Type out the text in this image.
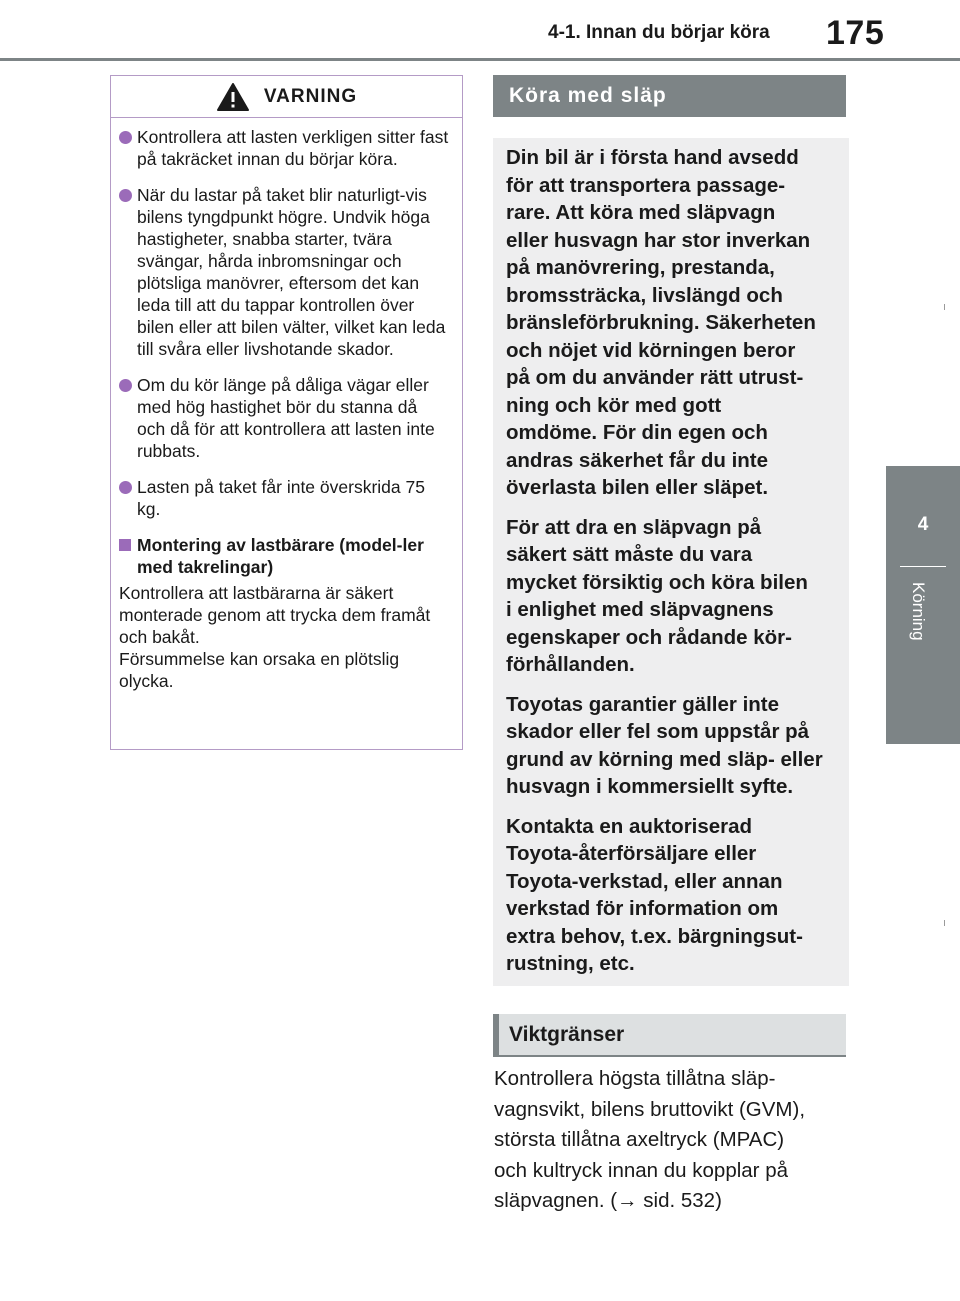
4-1. Innan du börjar köra 175
4
Körning
VARNING
Kontrollera att lasten verkligen sitter fast på takräcket innan du börjar köra.
När du lastar på taket blir naturligt-vis bilens tyngdpunkt högre. Undvik höga hastigheter, snabba starter, tvära svängar, hårda inbromsningar och plötsliga manövrer, eftersom det kan leda till att du tappar kontrollen över bilen eller att bilen välter, vilket kan leda till svåra eller livshotande skador.
Om du kör länge på dåliga vägar eller med hög hastighet bör du stanna då och då för att kontrollera att lasten inte rubbats.
Lasten på taket får inte överskrida 75 kg.
Montering av lastbärare (model-ler med takrelingar)
Kontrollera att lastbärarna är säkert monterade genom att trycka dem framåt och bakåt.
Försummelse kan orsaka en plötslig olycka.
Köra med släp

Din bil är i första hand avsedd
för att transportera passage-
rare. Att köra med släpvagn
eller husvagn har stor inverkan
på manövrering, prestanda,
bromssträcka, livslängd och
bränsleförbrukning. Säkerheten
och nöjet vid körningen beror
på om du använder rätt utrust-
ning och kör med gott
omdöme. För din egen och
andras säkerhet får du inte
överlasta bilen eller släpet.

För att dra en släpvagn på
säkert sätt måste du vara
mycket försiktig och köra bilen
i enlighet med släpvagnens
egenskaper och rådande kör-
förhållanden.

Toyotas garantier gäller inte
skador eller fel som uppstår på
grund av körning med släp- eller
husvagn i kommersiellt syfte.

Kontakta en auktoriserad
Toyota-återförsäljare eller
Toyota-verkstad, eller annan
verkstad för information om
extra behov, t.ex. bärgningsut-
rustning, etc.

Viktgränser
Kontrollera högsta tillåtna släp-
vagnsvikt, bilens bruttovikt (GVM),
största tillåtna axeltryck (MPAC)
och kultryck innan du kopplar på
släpvagnen. (→ sid. 532)
